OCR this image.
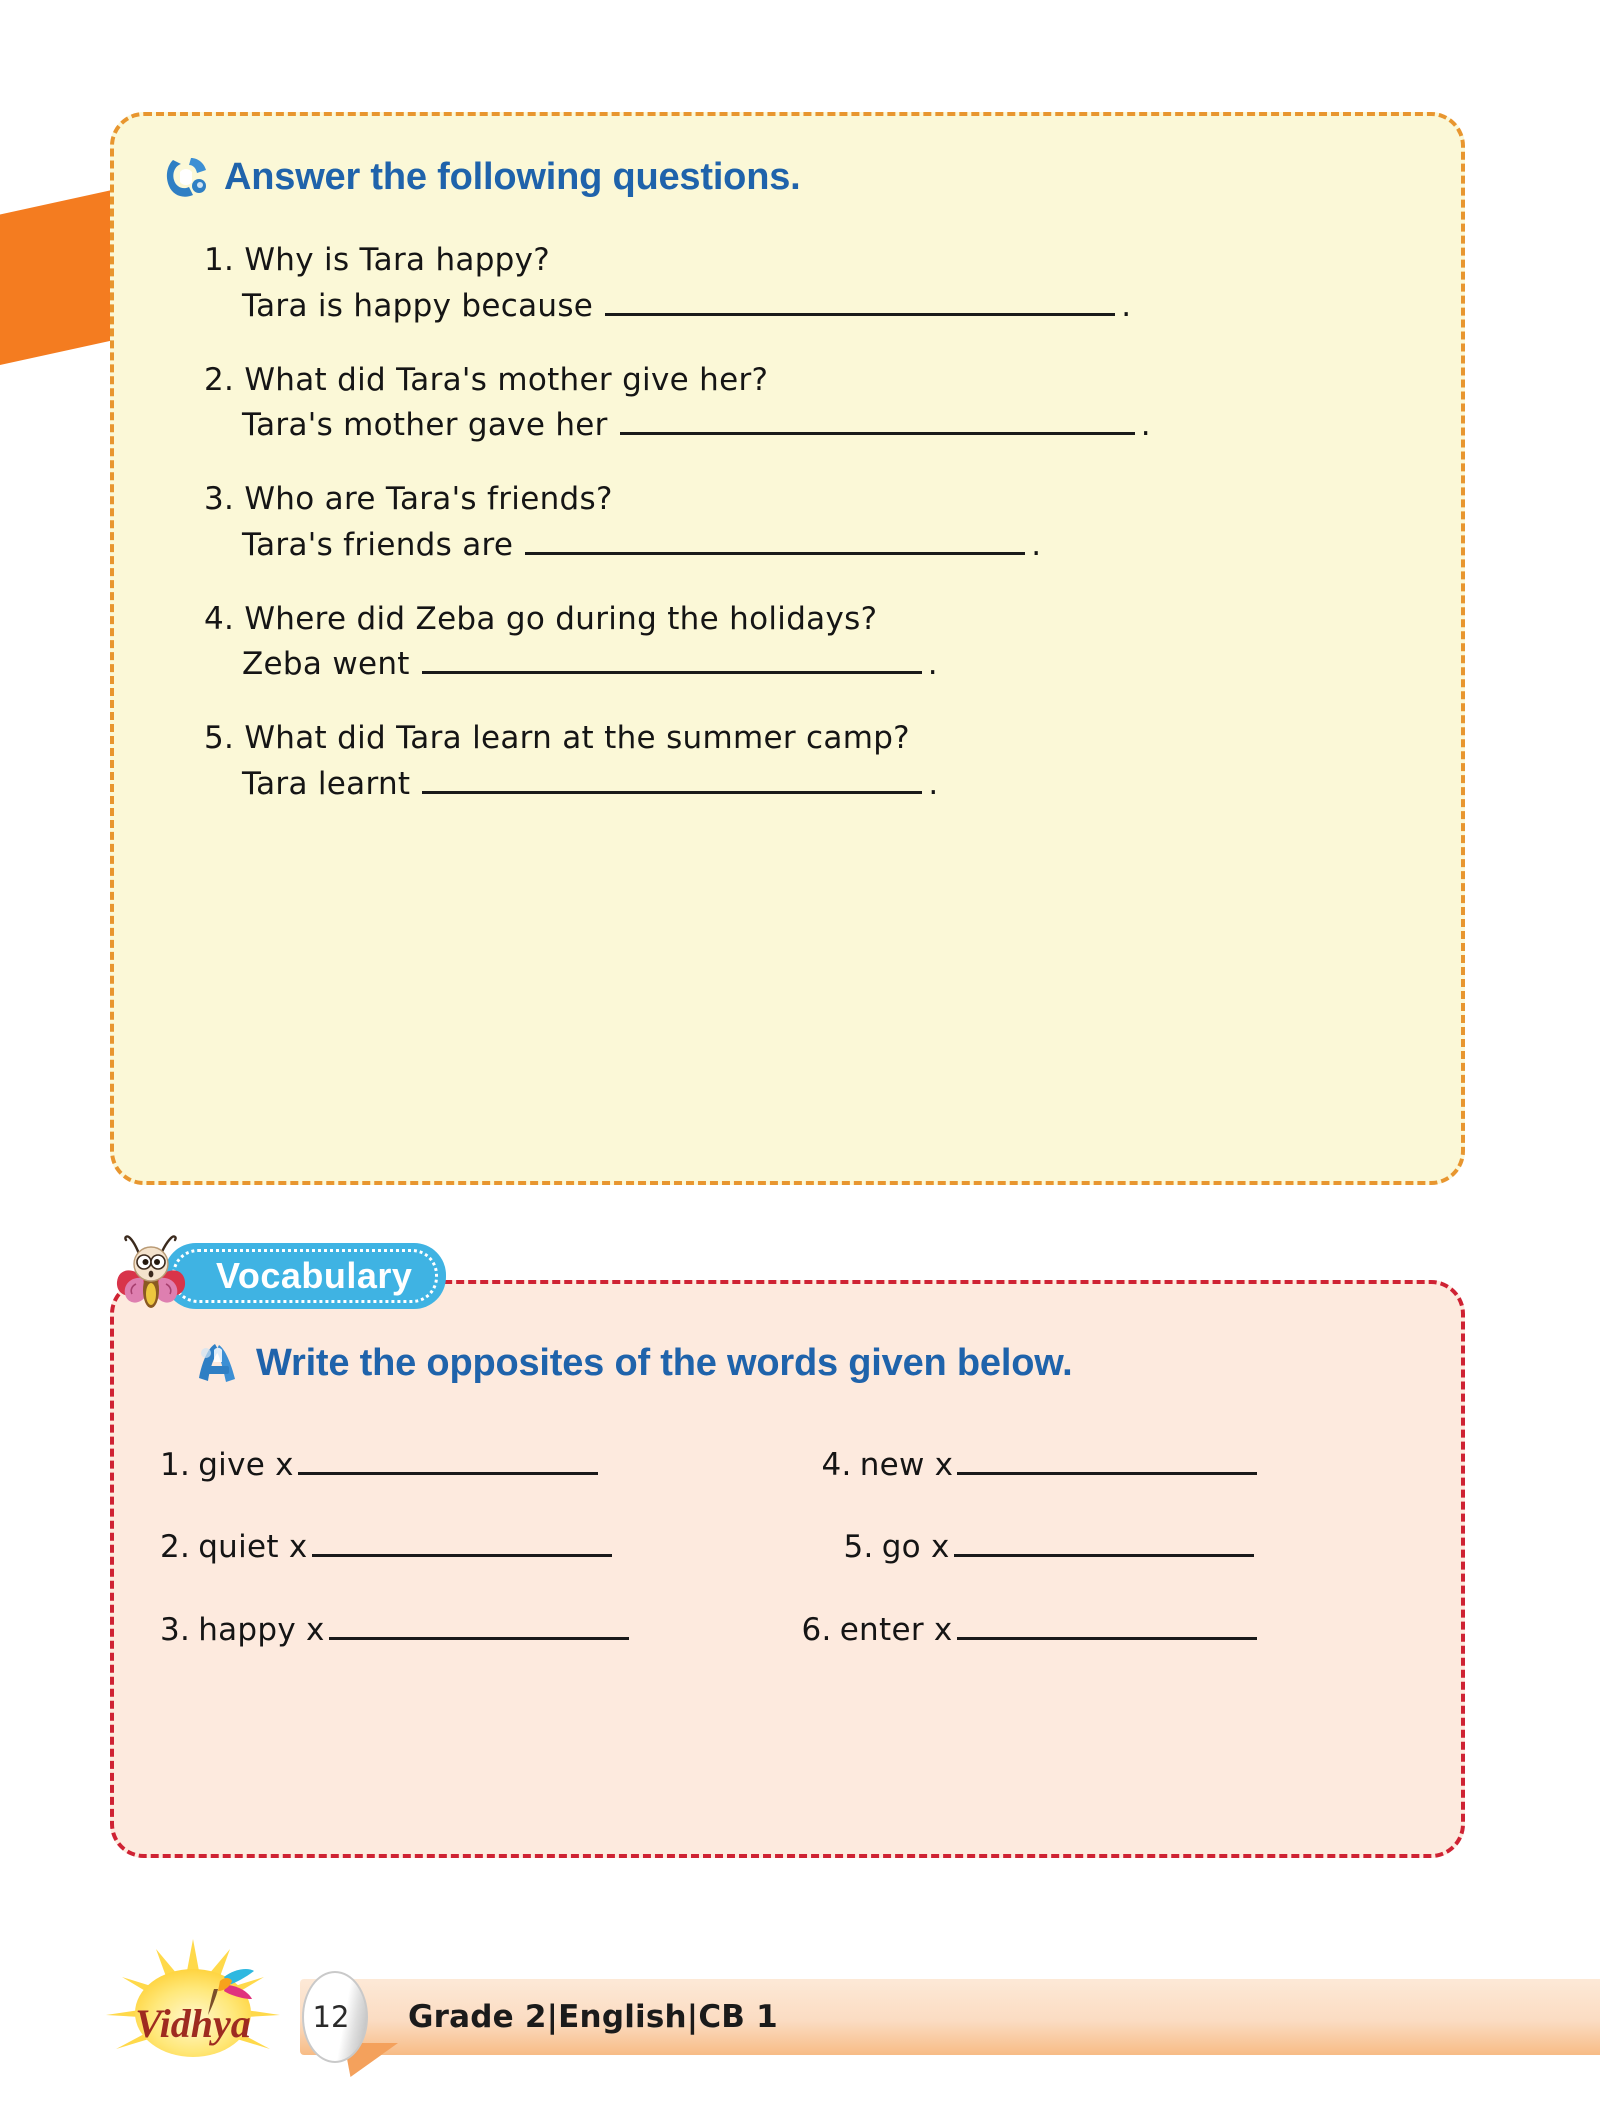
Answer the following questions.
1. Why is Tara happy?
Tara is happy because	.
2. What did Tara's mother give her?
Tara's mother gave her	.
3. Who are Tara's friends?
Tara's friends are	.
4. Where did Zeba go during the holidays?
Zeba went	.
5. What did Tara learn at the summer camp?
Tara learnt	.
Write the opposites of the words given below.
1. give x	4. new x
2. quiet x	5. go x
3. happy x	6. enter x
Vocabulary
Vidhya	Grade 2 | English | CB 1
12
